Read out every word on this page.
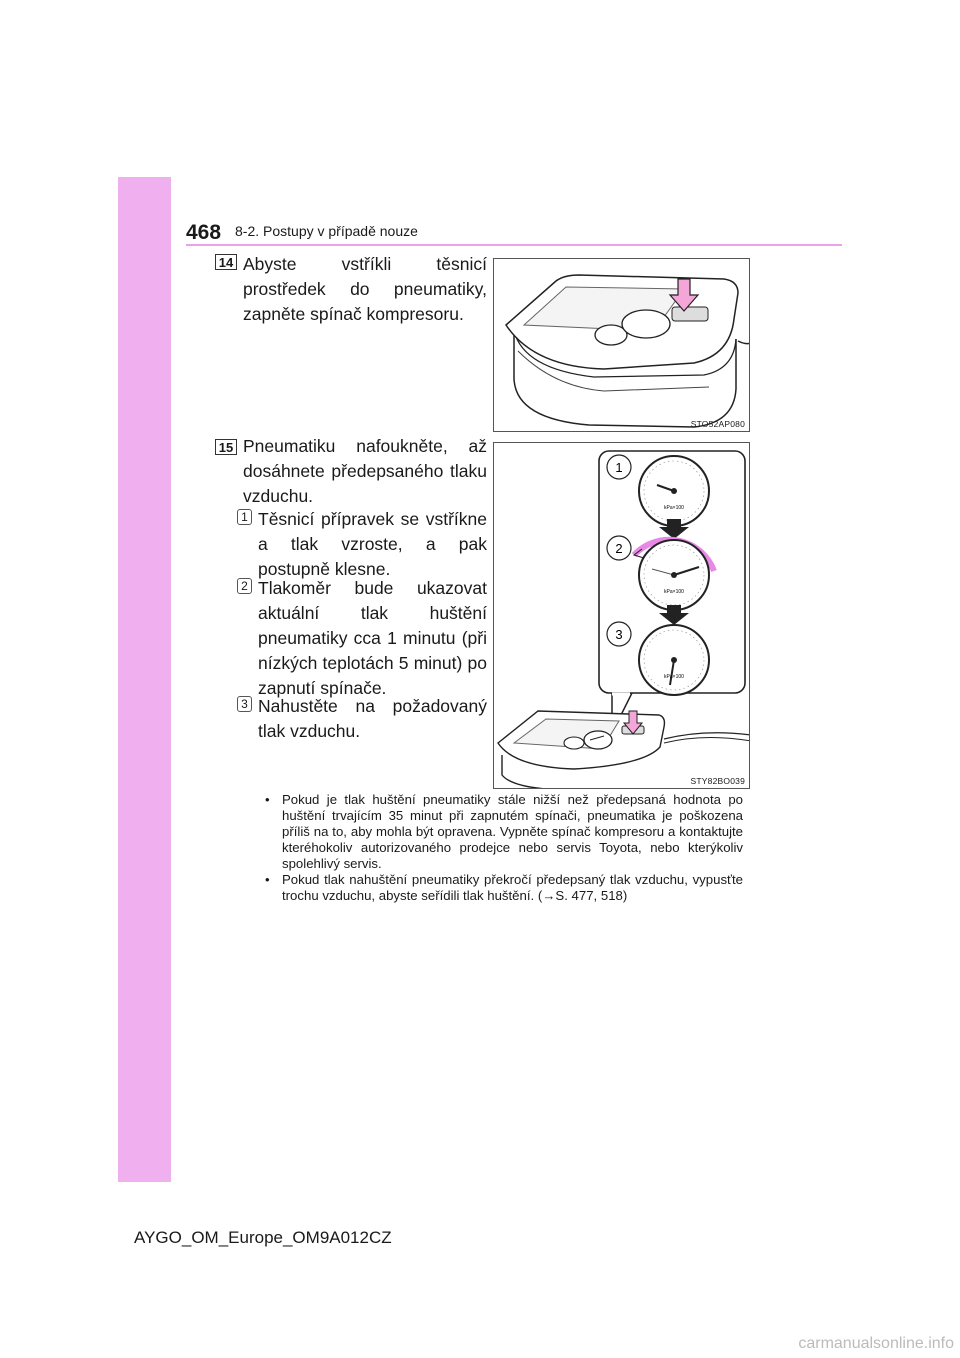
468 8-2. Postupy v případě nouze
14 Abyste vstříkli těsnicí prostředek do pneumatiky, zapněte spínač kompresoru.
STO52AP080
15 Pneumatiku nafoukněte, až dosáhnete předepsaného tlaku vzduchu.
1 Těsnicí přípravek se vstříkne a tlak vzroste, a pak postupně klesne.
2 Tlakoměr bude ukazovat aktuální tlak huštění pneumatiky cca 1 minutu (při nízkých teplotách 5 minut) po zapnutí spínače.
3 Nahustěte na požadovaný tlak vzduchu.
1
2
3
kPa×100
kPa×100
kPa×100
STY82BO039
• Pokud je tlak huštění pneumatiky stále nižší než předepsaná hodnota po huštění trvajícím 35 minut při zapnutém spínači, pneumatika je poškozena příliš na to, aby mohla být opravena. Vypněte spínač kompresoru a kontaktujte kteréhokoliv autorizovaného prodejce nebo servis Toyota, nebo kterýkoliv spolehlivý servis.
• Pokud tlak nahuštění pneumatiky překročí předepsaný tlak vzduchu, vypusťte trochu vzduchu, abyste seřídili tlak huštění. (→S. 477, 518)
AYGO_OM_Europe_OM9A012CZ
carmanualsonline.info
